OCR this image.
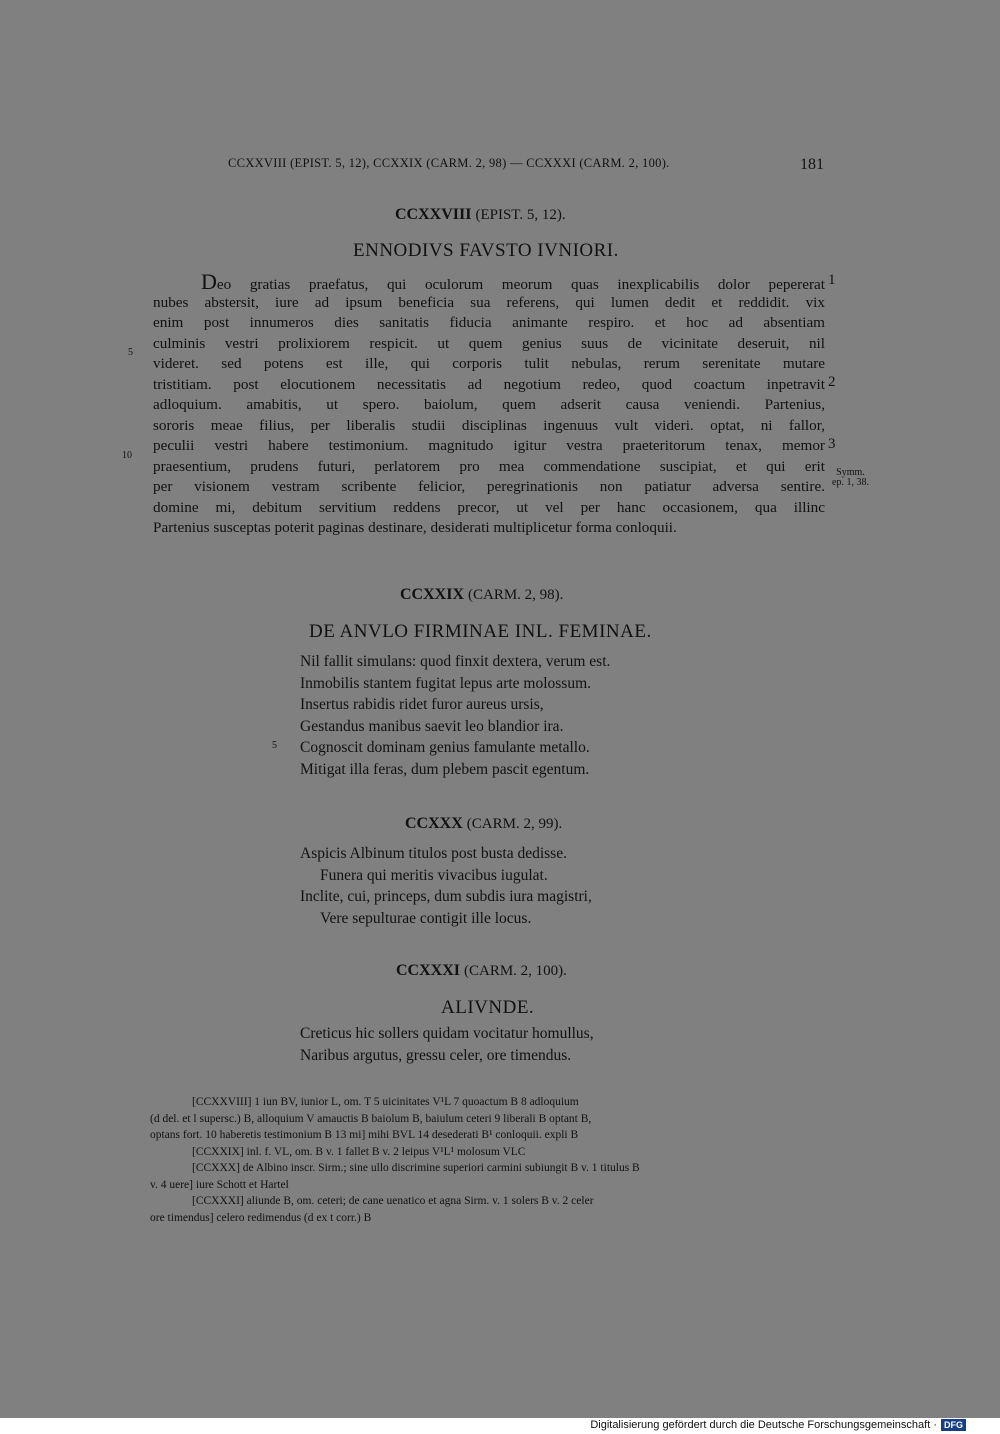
CCXXVIII (EPIST. 5, 12), CCXXIX (CARM. 2, 98) — CCXXXI (CARM. 2, 100).	181
CCXXVIII (EPIST. 5, 12).
ENNODIVS FAVSTO IVNIORI.
Deo gratias praefatus, qui oculorum meorum quas inexplicabilis dolor pepererat
nubes abstersit, iure ad ipsum beneficia sua referens, qui lumen dedit et reddidit. vix
enim post innumeros dies sanitatis fiducia animante respiro. et hoc ad absentiam
culminis vestri prolixiorem respicit. ut quem genius suus de vicinitate deseruit, nil
videret. sed potens est ille, qui corporis tulit nebulas, rerum serenitate mutare
tristitiam. post elocutionem necessitatis ad negotium redeo, quod coactum inpetravit
adloquium. amabitis, ut spero. baiolum, quem adserit causa veniendi. Partenius,
sororis meae filius, per liberalis studii disciplinas ingenuus vult videri. optat, ni fallor,
peculii vestri habere testimonium. magnitudo igitur vestra praeteritorum tenax, memor
praesentium, prudens futuri, perlatorem pro mea commendatione suscipiat, et qui erit
per visionem vestram scribente felicior, peregrinationis non patiatur adversa sentire.
domine mi, debitum servitium reddens precor, ut vel per hanc occasionem, qua illinc
Partenius susceptas poterit paginas destinare, desiderati multiplicetur forma conloquii.
1
2
3
5
10
Symm.
ep. 1, 38.
CCXXIX (CARM. 2, 98).
DE ANVLO FIRMINAE INL. FEMINAE.
Nil fallit simulans: quod finxit dextera, verum est.
Inmobilis stantem fugitat lepus arte molossum.
Insertus rabidis ridet furor aureus ursis,
Gestandus manibus saevit leo blandior ira.
Cognoscit dominam genius famulante metallo.
Mitigat illa feras, dum plebem pascit egentum.
5
CCXXX (CARM. 2, 99).
Aspicis Albinum titulos post busta dedisse.
Funera qui meritis vivacibus iugulat.
Inclite, cui, princeps, dum subdis iura magistri,
Vere sepulturae contigit ille locus.
CCXXXI (CARM. 2, 100).
ALIVNDE.
Creticus hic sollers quidam vocitatur homullus,
Naribus argutus, gressu celer, ore timendus.
[CCXXVIII] 1 iun BV, iunior L, om. T 5 uicinitates V¹L 7 quoactum B 8 adloquium
(d del. et l supersc.) B, alloquium V amauctis B baiolum B, baiulum ceteri 9 liberali B optant B,
optans fort. 10 haberetis testimonium B 13 mi] mihi BVL 14 desederati B¹ conloquii. expli B
[CCXXIX] inl. f. VL, om. B v. 1 fallet B v. 2 leipus V¹L¹ molosum VLC
[CCXXX] de Albino inscr. Sirm.; sine ullo discrimine superiori carmini subiungit B v. 1 titulus B
v. 4 uere] iure Schott et Hartel
[CCXXXI] aliunde B, om. ceteri; de cane uenatico et agna Sirm. v. 1 solers B v. 2 celer
ore timendus] celero redimendus (d ex t corr.) B
Digitalisierung gefördert durch die Deutsche Forschungsgemeinschaft · DFG
